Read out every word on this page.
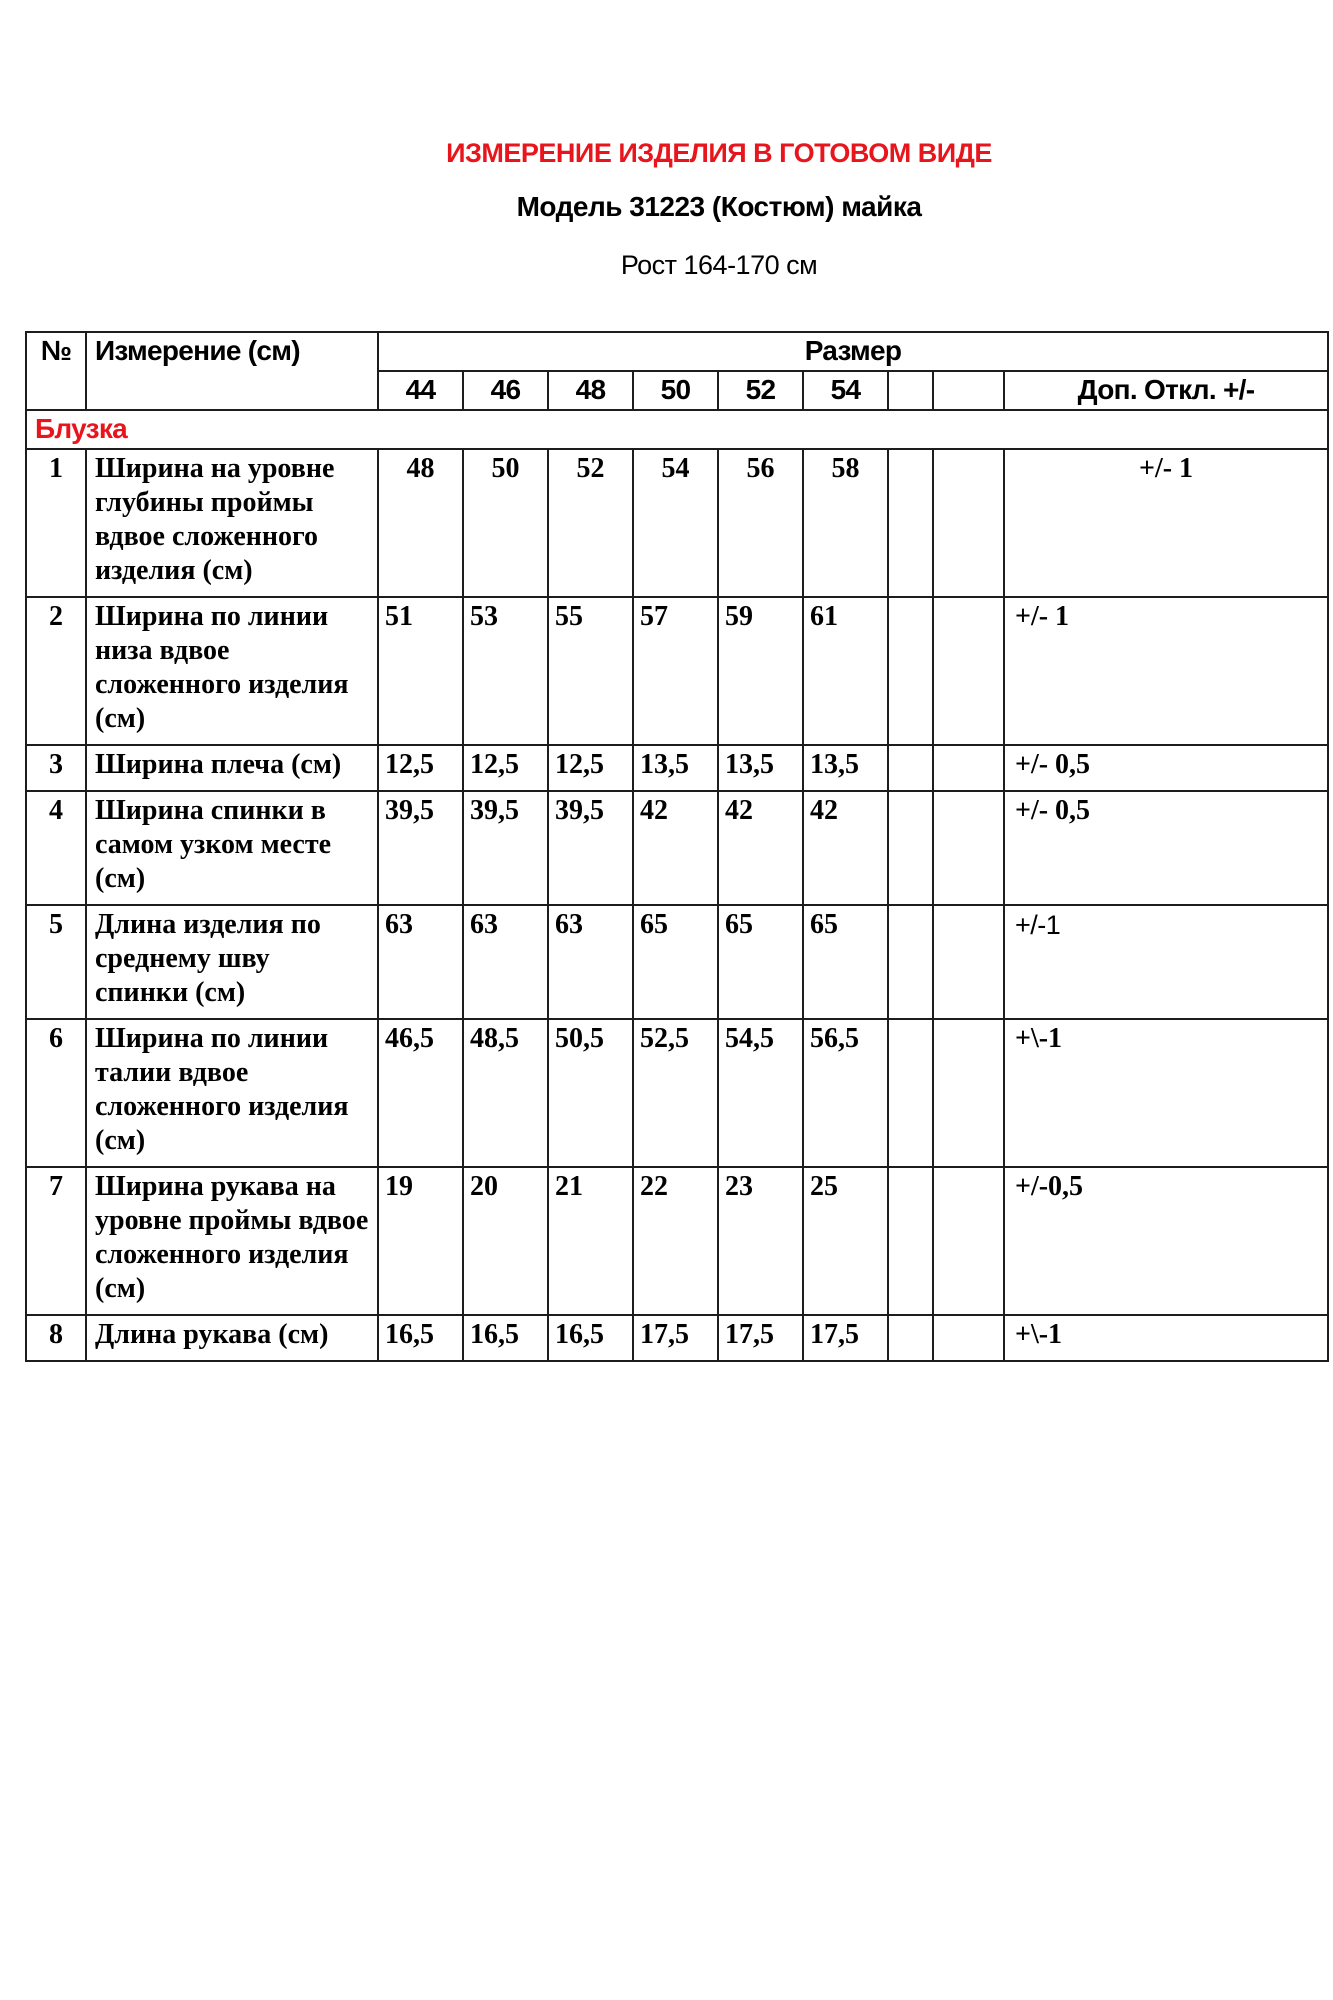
ИЗМЕРЕНИЕ ИЗДЕЛИЯ В ГОТОВОМ ВИДЕ
Модель 31223 (Костюм) майка
Рост 164-170 см
№	Измерение (см)	Размер								
		44	46	48	50	52	54			Доп. Откл. +/-
Блузка										
1	Ширина на уровне глубины проймы вдвое сложенного изделия (см)	48	50	52	54	56	58			+/- 1
2	Ширина по линии низа вдвое сложенного изделия (см)	51	53	55	57	59	61			+/- 1
3	Ширина плеча (см)	12,5	12,5	12,5	13,5	13,5	13,5			+/- 0,5
4	Ширина спинки в самом узком месте (см)	39,5	39,5	39,5	42	42	42			+/- 0,5
5	Длина изделия по среднему шву спинки (см)	63	63	63	65	65	65			+/-1
6	Ширина по линии талии вдвое сложенного изделия (см)	46,5	48,5	50,5	52,5	54,5	56,5			+\-1
7	Ширина рукава на уровне проймы вдвое сложенного изделия (см)	19	20	21	22	23	25			+/-0,5
8	Длина рукава (см)	16,5	16,5	16,5	17,5	17,5	17,5			+\-1
